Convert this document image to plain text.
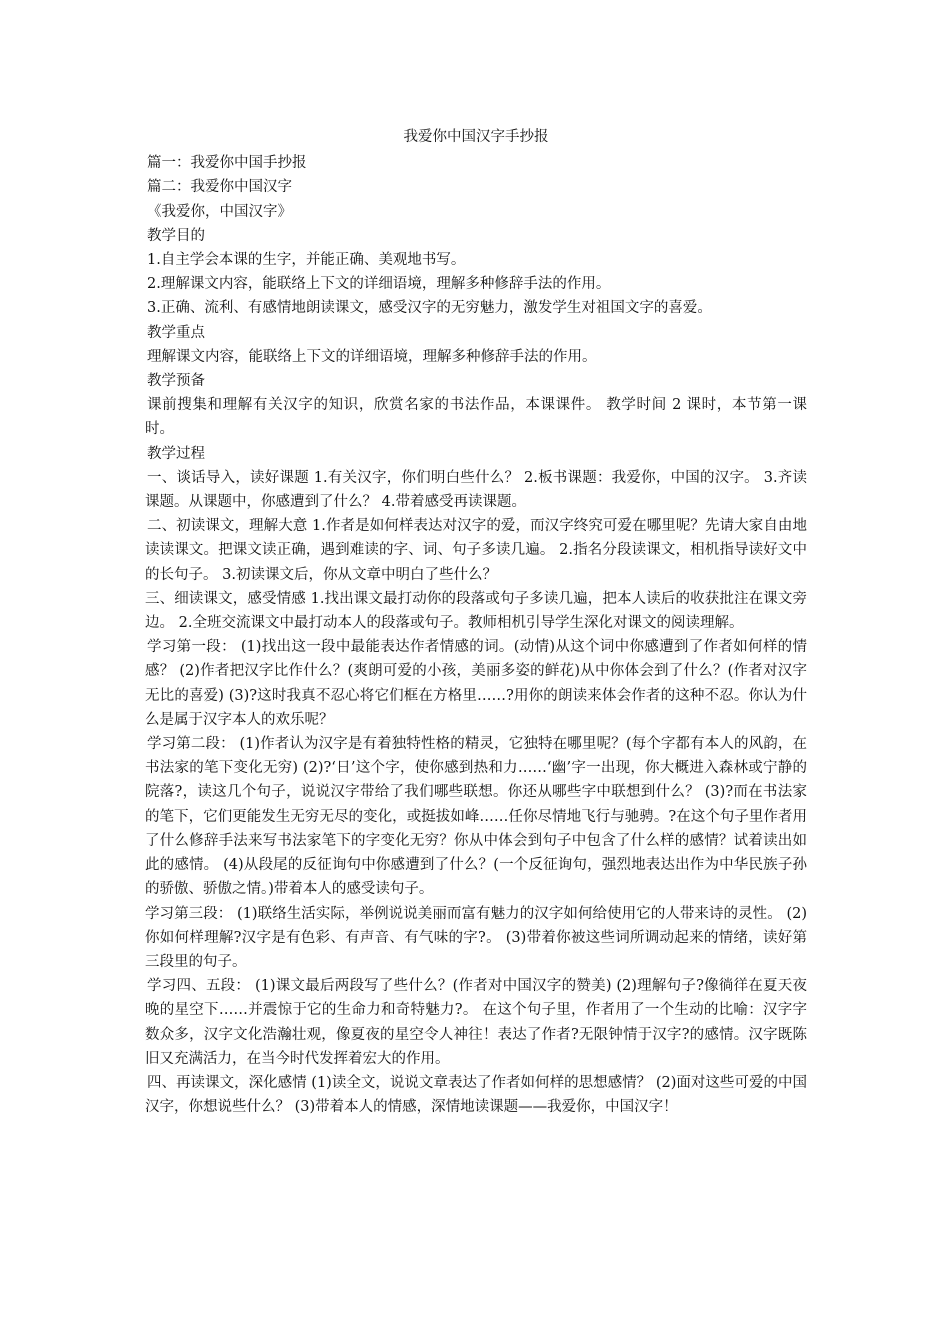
我爱你中国汉字手抄报

篇一：我爱你中国手抄报

篇二：我爱你中国汉字

《我爱你，中国汉字》

教学目的

1.自主学会本课的生字，并能正确、美观地书写。

2.理解课文内容，能联络上下文的详细语境，理解多种修辞手法的作用。

3.正确、流利、有感情地朗读课文，感受汉字的无穷魅力，激发学生对祖国文字的喜爱。

教学重点

理解课文内容，能联络上下文的详细语境，理解多种修辞手法的作用。

教学预备

课前搜集和理解有关汉字的知识，欣赏名家的书法作品，本课课件。 教学时间 2 课时，本节第一课时。

教学过程

一、谈话导入，读好课题 1.有关汉字，你们明白些什么？ 2.板书课题：我爱你，中国的汉字。 3.齐读课题。从课题中，你感遭到了什么？ 4.带着感受再读课题。

二、初读课文，理解大意 1.作者是如何样表达对汉字的爱，而汉字终究可爱在哪里呢？先请大家自由地读读课文。把课文读正确，遇到难读的字、词、句子多读几遍。 2.指名分段读课文，相机指导读好文中的长句子。 3.初读课文后，你从文章中明白了些什么？

三、细读课文，感受情感 1.找出课文最打动你的段落或句子多读几遍，把本人读后的收获批注在课文旁边。 2.全班交流课文中最打动本人的段落或句子。教师相机引导学生深化对课文的阅读理解。

学习第一段： (1)找出这一段中最能表达作者情感的词。(动情)从这个词中你感遭到了作者如何样的情感？ (2)作者把汉字比作什么？(爽朗可爱的小孩，美丽多姿的鲜花)从中你体会到了什么？(作者对汉字无比的喜爱) (3)?这时我真不忍心将它们框在方格里……?用你的朗读来体会作者的这种不忍。你认为什么是属于汉字本人的欢乐呢？

学习第二段： (1)作者认为汉字是有着独特性格的精灵，它独特在哪里呢？(每个字都有本人的风韵，在书法家的笔下变化无穷) (2)?‘日’这个字，使你感到热和力……‘幽’字一出现，你大概进入森林或宁静的院落?，读这几个句子，说说汉字带给了我们哪些联想。你还从哪些字中联想到什么？ (3)?而在书法家的笔下，它们更能发生无穷无尽的变化，或挺拔如峰……任你尽情地飞行与驰骋。?在这个句子里作者用了什么修辞手法来写书法家笔下的字变化无穷？你从中体会到句子中包含了什么样的感情？试着读出如此的感情。 (4)从段尾的反征询句中你感遭到了什么？(一个反征询句，强烈地表达出作为中华民族子孙的骄傲、骄傲之情。)带着本人的感受读句子。

学习第三段： (1)联络生活实际，举例说说美丽而富有魅力的汉字如何给使用它的人带来诗的灵性。 (2)你如何样理解?汉字是有色彩、有声音、有气味的字?。 (3)带着你被这些词所调动起来的情绪，读好第三段里的句子。

学习四、五段： (1)课文最后两段写了些什么？(作者对中国汉字的赞美) (2)理解句子?像徜徉在夏天夜晚的星空下……并震惊于它的生命力和奇特魅力?。 在这个句子里，作者用了一个生动的比喻：汉字字数众多，汉字文化浩瀚壮观，像夏夜的星空令人神往！表达了作者?无限钟情于汉字?的感情。汉字既陈旧又充满活力，在当今时代发挥着宏大的作用。

四、再读课文，深化感情 (1)读全文，说说文章表达了作者如何样的思想感情？ (2)面对这些可爱的中国汉字，你想说些什么？ (3)带着本人的情感，深情地读课题——我爱你，中国汉字！
